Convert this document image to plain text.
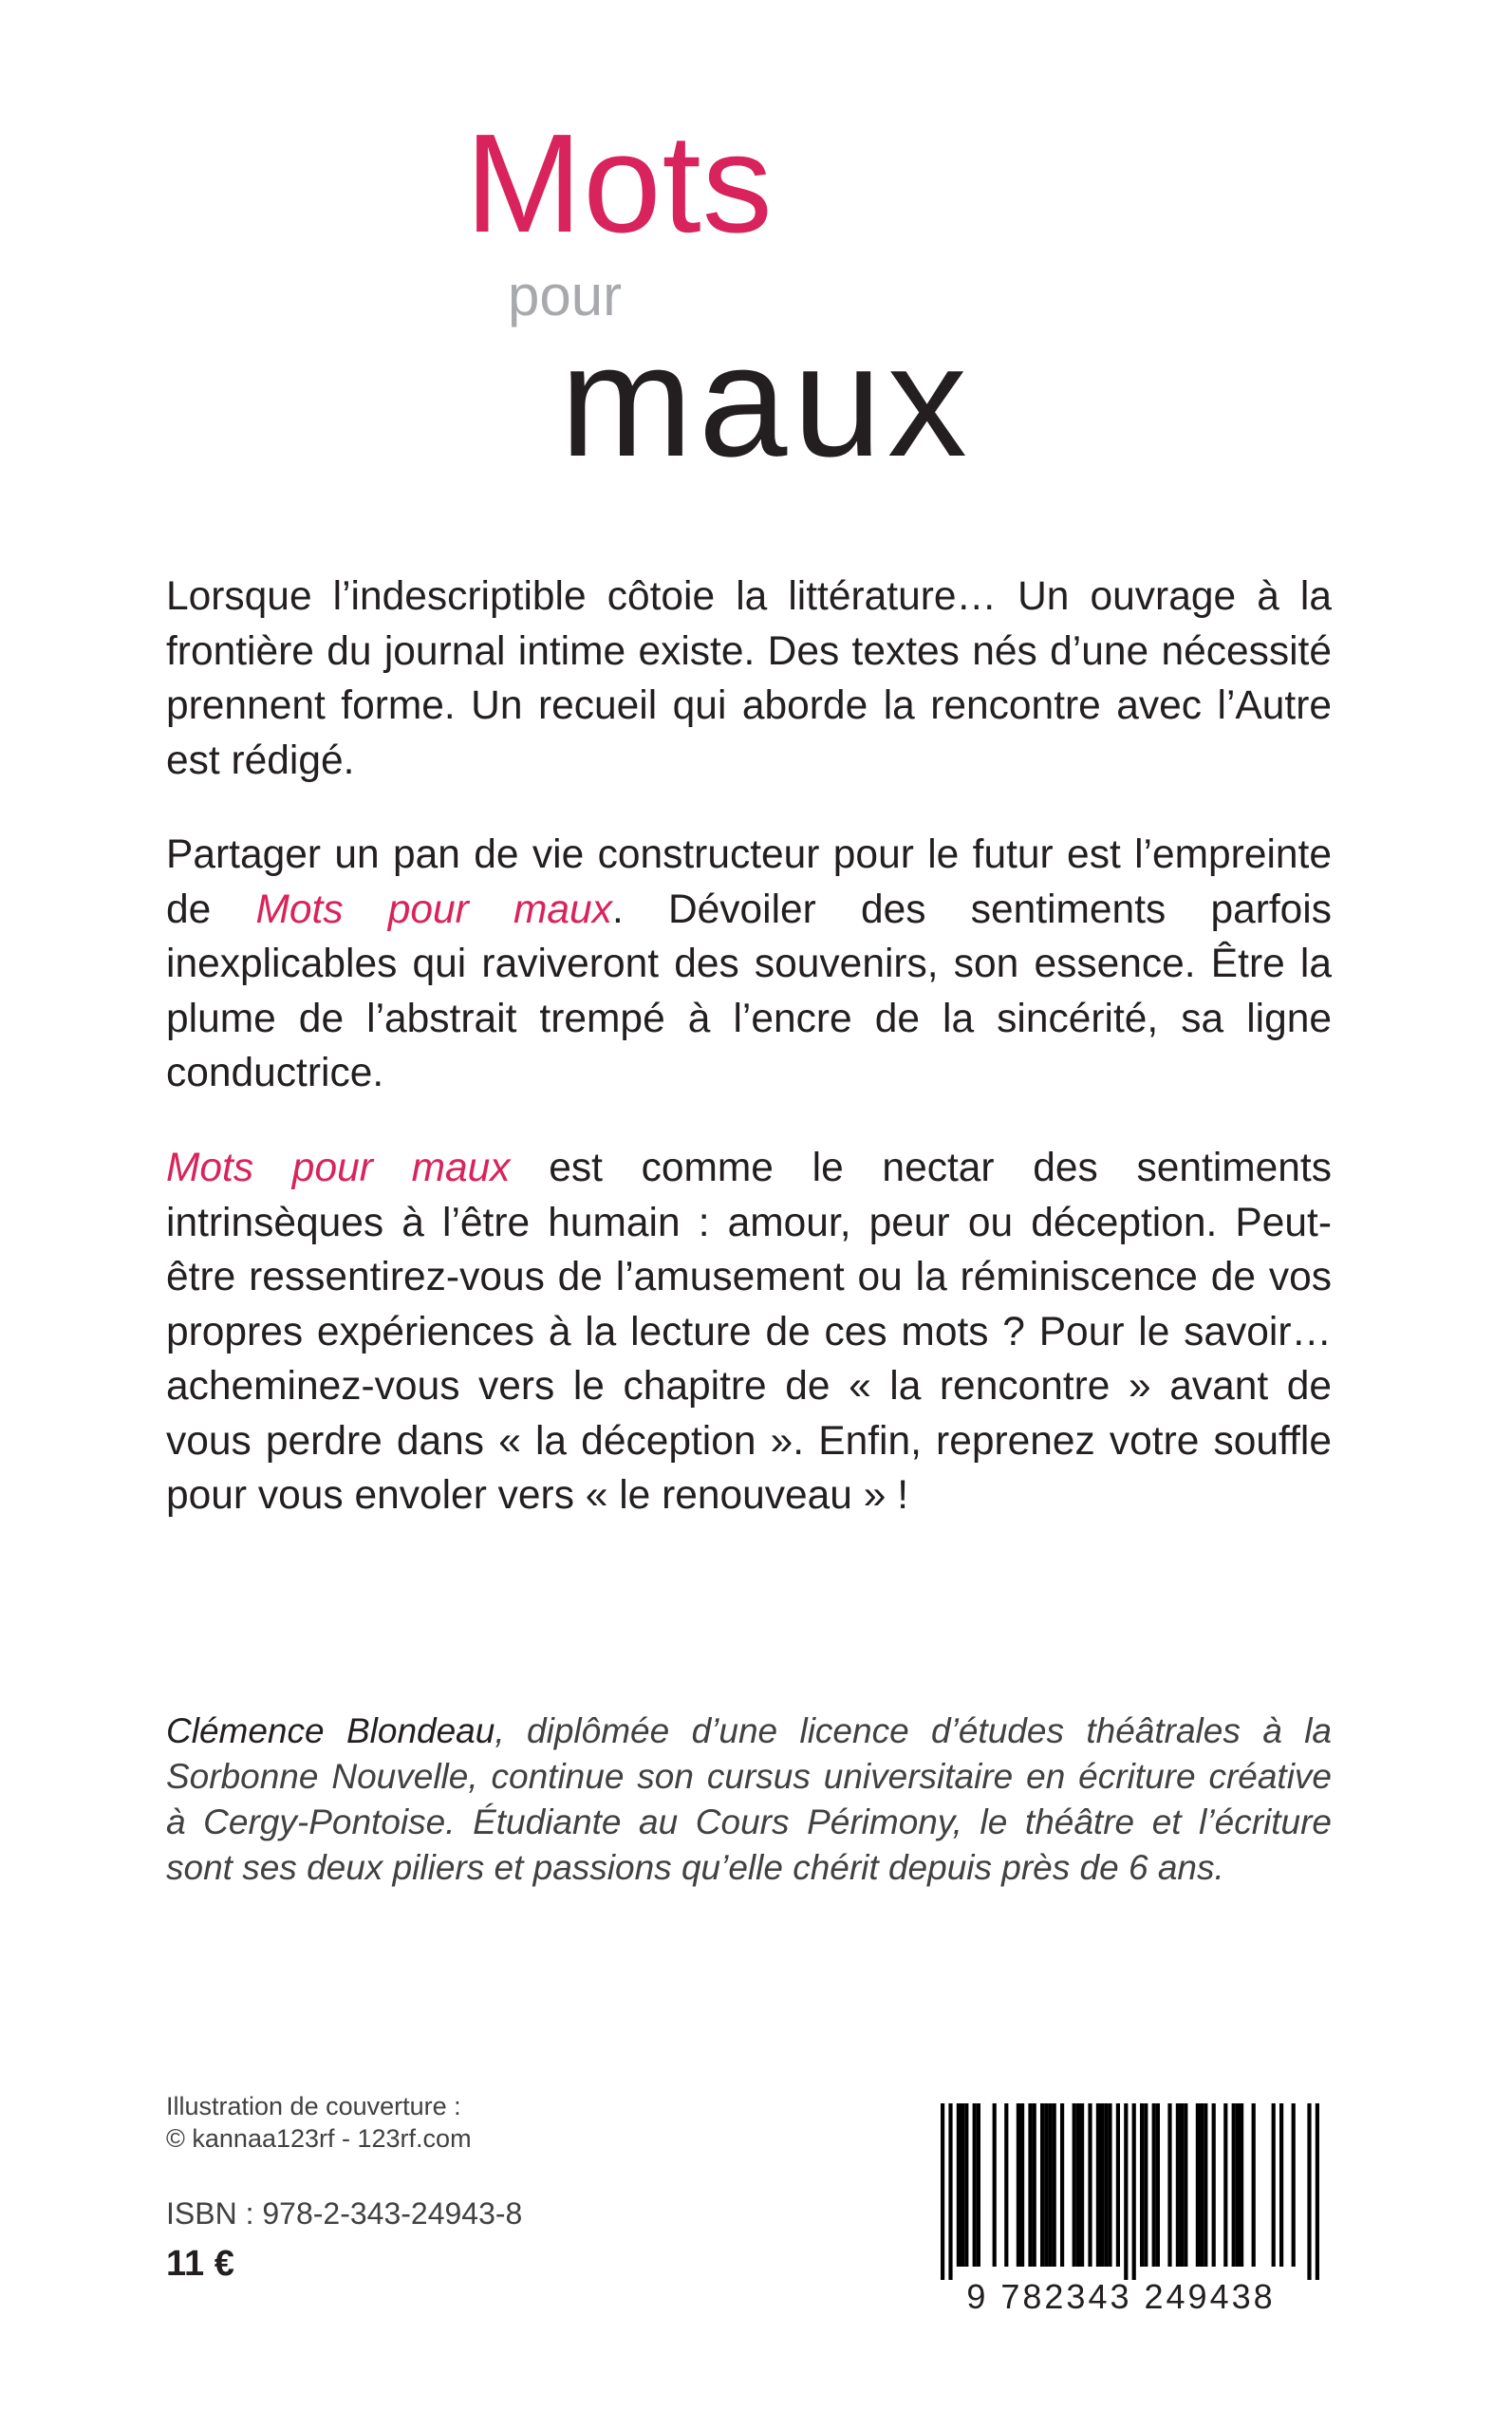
Mots
pour
maux

Lorsque l’indescriptible côtoie la littérature… Un ouvrage à la frontière du journal intime existe. Des textes nés d’une nécessité prennent forme. Un recueil qui aborde la rencontre avec l’Autre est rédigé.

Partager un pan de vie constructeur pour le futur est l’empreinte de Mots pour maux. Dévoiler des sentiments parfois inexplicables qui raviveront des souvenirs, son essence. Être la plume de l’abstrait trempé à l’encre de la sincérité, sa ligne conductrice.

Mots pour maux est comme le nectar des sentiments intrinsèques à l’être humain : amour, peur ou déception. Peut-être ressentirez-vous de l’amusement ou la réminiscence de vos propres expériences à la lecture de ces mots ? Pour le savoir… acheminez-vous vers le chapitre de « la rencontre » avant de vous perdre dans « la déception ». Enfin, reprenez votre souffle pour vous envoler vers « le renouveau » !

Clémence Blondeau, diplômée d’une licence d’études théâtrales à la Sorbonne Nouvelle, continue son cursus universitaire en écriture créative à Cergy-Pontoise. Étudiante au Cours Périmony, le théâtre et l’écriture sont ses deux piliers et passions qu’elle chérit depuis près de 6 ans.

Illustration de couverture :
© kannaa123rf - 123rf.com
ISBN : 978-2-343-24943-8
11 €
9 782343 249438
